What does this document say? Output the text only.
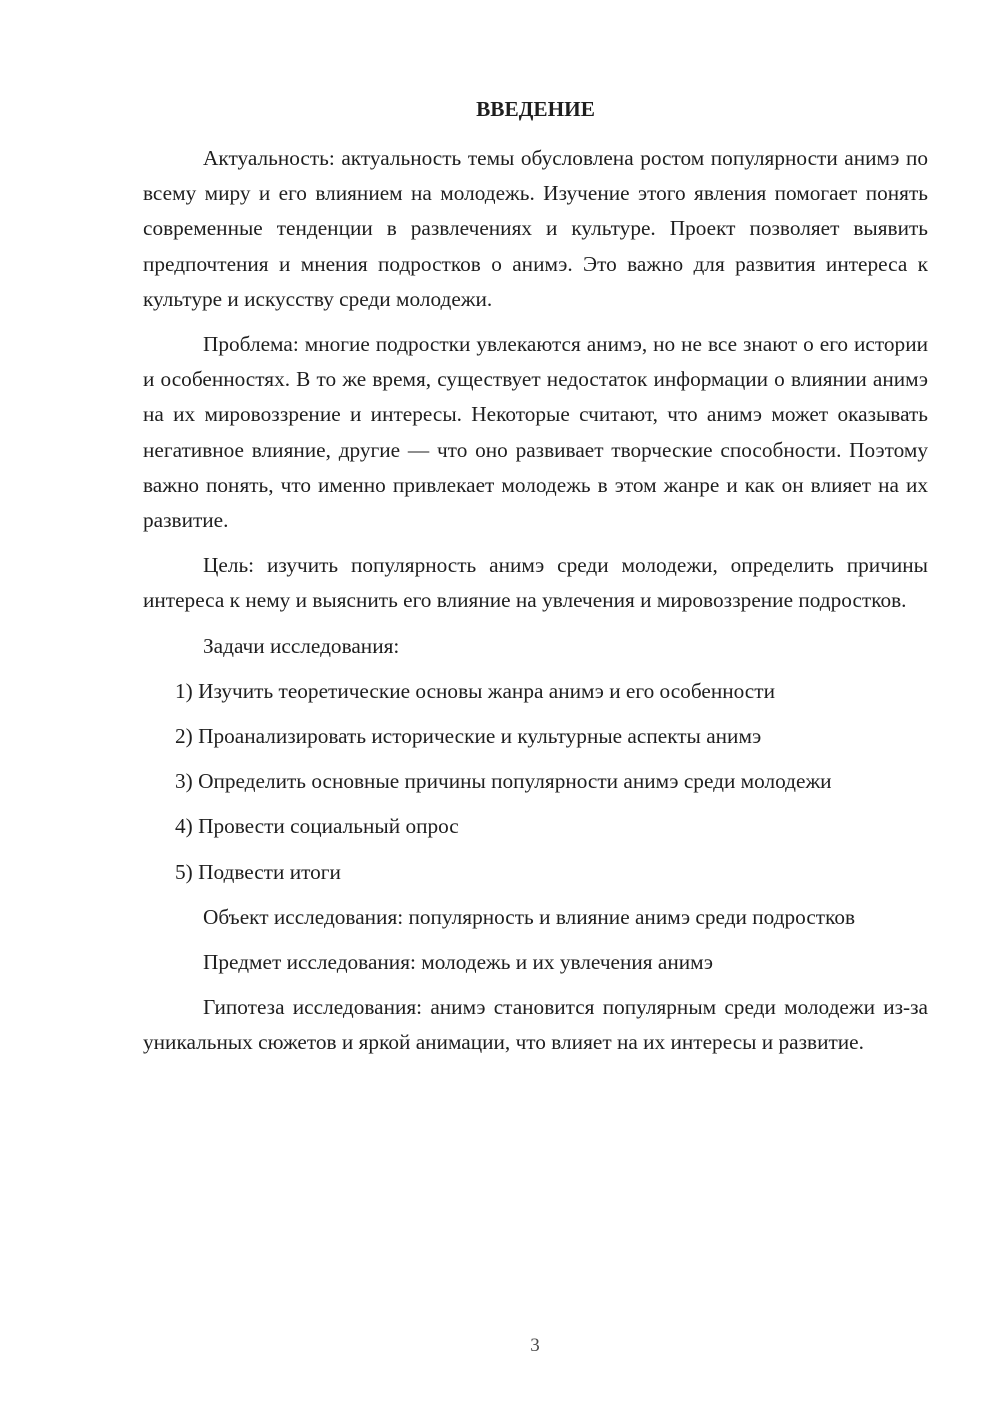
ВВЕДЕНИЕ

Актуальность: актуальность темы обусловлена ростом популярности анимэ по всему миру и его влиянием на молодежь. Изучение этого явления помогает понять современные тенденции в развлечениях и культуре. Проект позволяет выявить предпочтения и мнения подростков о анимэ. Это важно для развития интереса к культуре и искусству среди молодежи.

Проблема: многие подростки увлекаются анимэ, но не все знают о его истории и особенностях. В то же время, существует недостаток информации о влиянии анимэ на их мировоззрение и интересы. Некоторые считают, что анимэ может оказывать негативное влияние, другие — что оно развивает творческие способности. Поэтому важно понять, что именно привлекает молодежь в этом жанре и как он влияет на их развитие.

Цель: изучить популярность анимэ среди молодежи, определить причины интереса к нему и выяснить его влияние на увлечения и мировоззрение подростков.

Задачи исследования:

1) Изучить теоретические основы жанра анимэ и его особенности

2) Проанализировать исторические и культурные аспекты анимэ

3) Определить основные причины популярности анимэ среди молодежи

4) Провести социальный опрос

5) Подвести итоги

Объект исследования: популярность и влияние анимэ среди подростков

Предмет исследования: молодежь и их увлечения анимэ

Гипотеза исследования: анимэ становится популярным среди молодежи из-за уникальных сюжетов и яркой анимации, что влияет на их интересы и развитие.

3
